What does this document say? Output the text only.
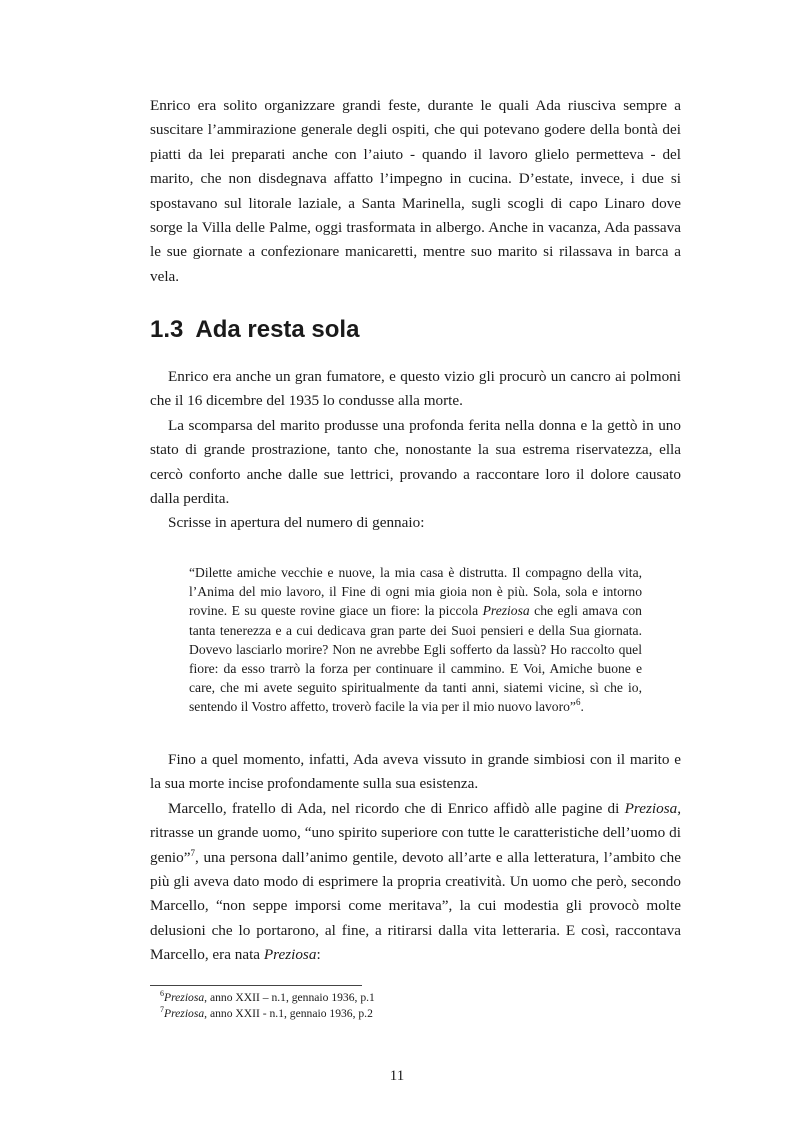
Enrico era solito organizzare grandi feste, durante le quali Ada riusciva sempre a suscitare l’ammirazione generale degli ospiti, che qui potevano godere della bontà dei piatti da lei preparati anche con l’aiuto - quando il lavoro glielo permetteva - del marito, che non disdegnava affatto l’impegno in cucina. D’estate, invece, i due si spostavano sul litorale laziale, a Santa Marinella, sugli scogli di capo Linaro dove sorge la Villa delle Palme, oggi trasformata in albergo. Anche in vacanza, Ada passava le sue giornate a confezionare manicaretti, mentre suo marito si rilassava in barca a vela.

1.3 Ada resta sola

Enrico era anche un gran fumatore, e questo vizio gli procurò un cancro ai polmoni che il 16 dicembre del 1935 lo condusse alla morte.

La scomparsa del marito produsse una profonda ferita nella donna e la gettò in uno stato di grande prostrazione, tanto che, nonostante la sua estrema riservatezza, ella cercò conforto anche dalle sue lettrici, provando a raccontare loro il dolore causato dalla perdita.

Scrisse in apertura del numero di gennaio:

“Dilette amiche vecchie e nuove, la mia casa è distrutta. Il compagno della vita, l’Anima del mio lavoro, il Fine di ogni mia gioia non è più. Sola, sola e intorno rovine. E su queste rovine giace un fiore: la piccola Preziosa che egli amava con tanta tenerezza e a cui dedicava gran parte dei Suoi pensieri e della Sua giornata. Dovevo lasciarlo morire? Non ne avrebbe Egli sofferto da lassù? Ho raccolto quel fiore: da esso trarrò la forza per continuare il cammino. E Voi, Amiche buone e care, che mi avete seguito spiritualmente da tanti anni, siatemi vicine, sì che io, sentendo il Vostro affetto, troverò facile la via per il mio nuovo lavoro”$^6$.

Fino a quel momento, infatti, Ada aveva vissuto in grande simbiosi con il marito e la sua morte incise profondamente sulla sua esistenza.

Marcello, fratello di Ada, nel ricordo che di Enrico affidò alle pagine di Preziosa, ritrasse un grande uomo, “uno spirito superiore con tutte le caratteristiche dell’uomo di genio”$^7$, una persona dall’animo gentile, devoto all’arte e alla letteratura, l’ambito che più gli aveva dato modo di esprimere la propria creatività. Un uomo che però, secondo Marcello, “non seppe imporsi come meritava”, la cui modestia gli provocò molte delusioni che lo portarono, al fine, a ritirarsi dalla vita letteraria. E così, raccontava Marcello, era nata Preziosa:

$^6$Preziosa, anno XXII – n.1, gennaio 1936, p.1

$^7$Preziosa, anno XXII - n.1, gennaio 1936, p.2

11
